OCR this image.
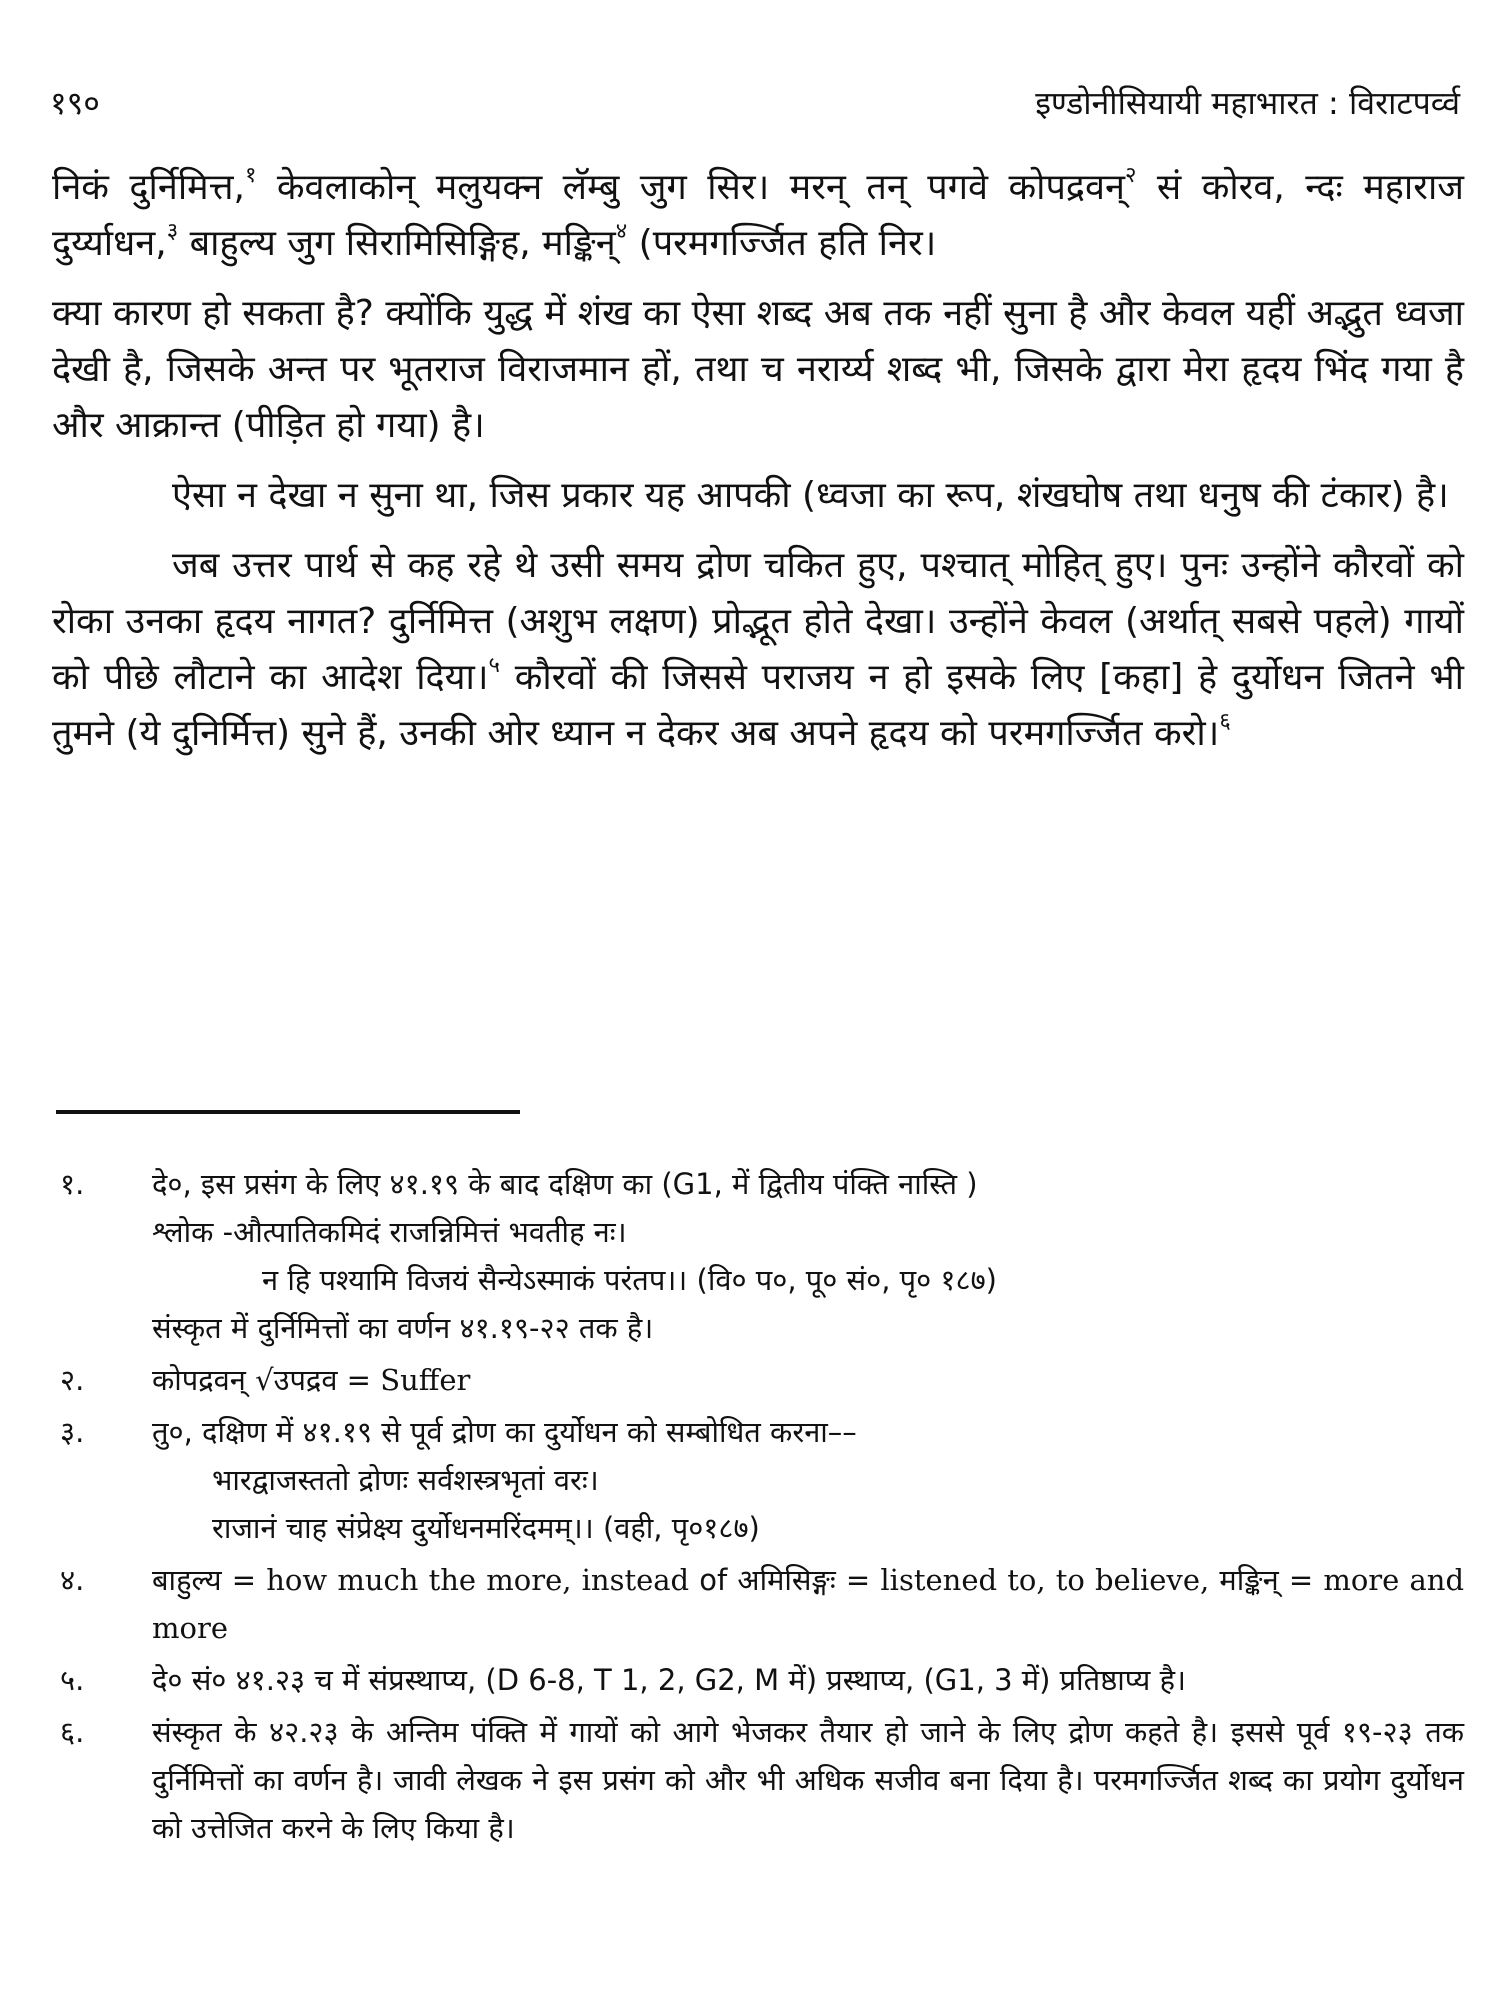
१९०	इण्डोनीसियायी महाभारत : विराटपर्व्व

निकं दुर्निमित्त,$^१$ केवलाकोन् मलुयक्न लॅम्बु जुग सिर। मरन् तन् पगवे कोपद्रवन्$^२$ सं कोरव, न्दः महाराज दुर्य्याधन,$^३$ बाहुल्य जुग सिरामिसिङ्गिह, मङ्किन्$^४$ (परमगर्ज्जित हति निर।

क्या कारण हो सकता है? क्योंकि युद्ध में शंख का ऐसा शब्द अब तक नहीं सुना है और केवल यहीं अद्भुत ध्वजा देखी है, जिसके अन्त पर भूतराज विराजमान हों, तथा च नरार्य्य शब्द भी, जिसके द्वारा मेरा हृदय भिंद गया है और आक्रान्त (पीड़ित हो गया) है।

ऐसा न देखा न सुना था, जिस प्रकार यह आपकी (ध्वजा का रूप, शंखघोष तथा धनुष की टंकार) है।

जब उत्तर पार्थ से कह रहे थे उसी समय द्रोण चकित हुए, पश्चात् मोहित् हुए। पुनः उन्होंने कौरवों को रोका उनका हृदय नागत? दुर्निमित्त (अशुभ लक्षण) प्रोद्भूत होते देखा। उन्होंने केवल (अर्थात् सबसे पहले) गायों को पीछे लौटाने का आदेश दिया।$^५$ कौरवों की जिससे पराजय न हो इसके लिए [कहा] हे दुर्योधन जितने भी तुमने (ये दुनिर्मित्त) सुने हैं, उनकी ओर ध्यान न देकर अब अपने हृदय को परमगर्ज्जित करो।$^६$

१. दे०, इस प्रसंग के लिए ४१.१९ के बाद दक्षिण का (G1, में द्वितीय पंक्ति नास्ति )
श्लोक -औत्पातिकमिदं राजन्निमित्तं भवतीह नः।
न हि पश्यामि विजयं सैन्येऽस्माकं परंतप।। (वि० प०, पू० सं०, पृ० १८७)
संस्कृत में दुर्निमित्तों का वर्णन ४१.१९-२२ तक है।
२. कोपद्रवन् √उपद्रव = Suffer
३. तु०, दक्षिण में ४१.१९ से पूर्व द्रोण का दुर्योधन को सम्बोधित करना––
भारद्वाजस्ततो द्रोणः सर्वशस्त्रभृतां वरः।
राजानं चाह संप्रेक्ष्य दुर्योधनमरिंदमम्।। (वही, पृ०१८७)
४. बाहुल्य = how much the more, instead of अमिसिङ्गः = listened to, to believe, मङ्किन् = more and more
५. दे० सं० ४१.२३ च में संप्रस्थाप्य, (D 6-8, T 1, 2, G2, M में) प्रस्थाप्य, (G1, 3 में) प्रतिष्ठाप्य है।
६. संस्कृत के ४२.२३ के अन्तिम पंक्ति में गायों को आगे भेजकर तैयार हो जाने के लिए द्रोण कहते है। इससे पूर्व १९-२३ तक दुर्निमित्तों का वर्णन है। जावी लेखक ने इस प्रसंग को और भी अधिक सजीव बना दिया है। परमगर्ज्जित शब्द का प्रयोग दुर्योधन को उत्तेजित करने के लिए किया है।
